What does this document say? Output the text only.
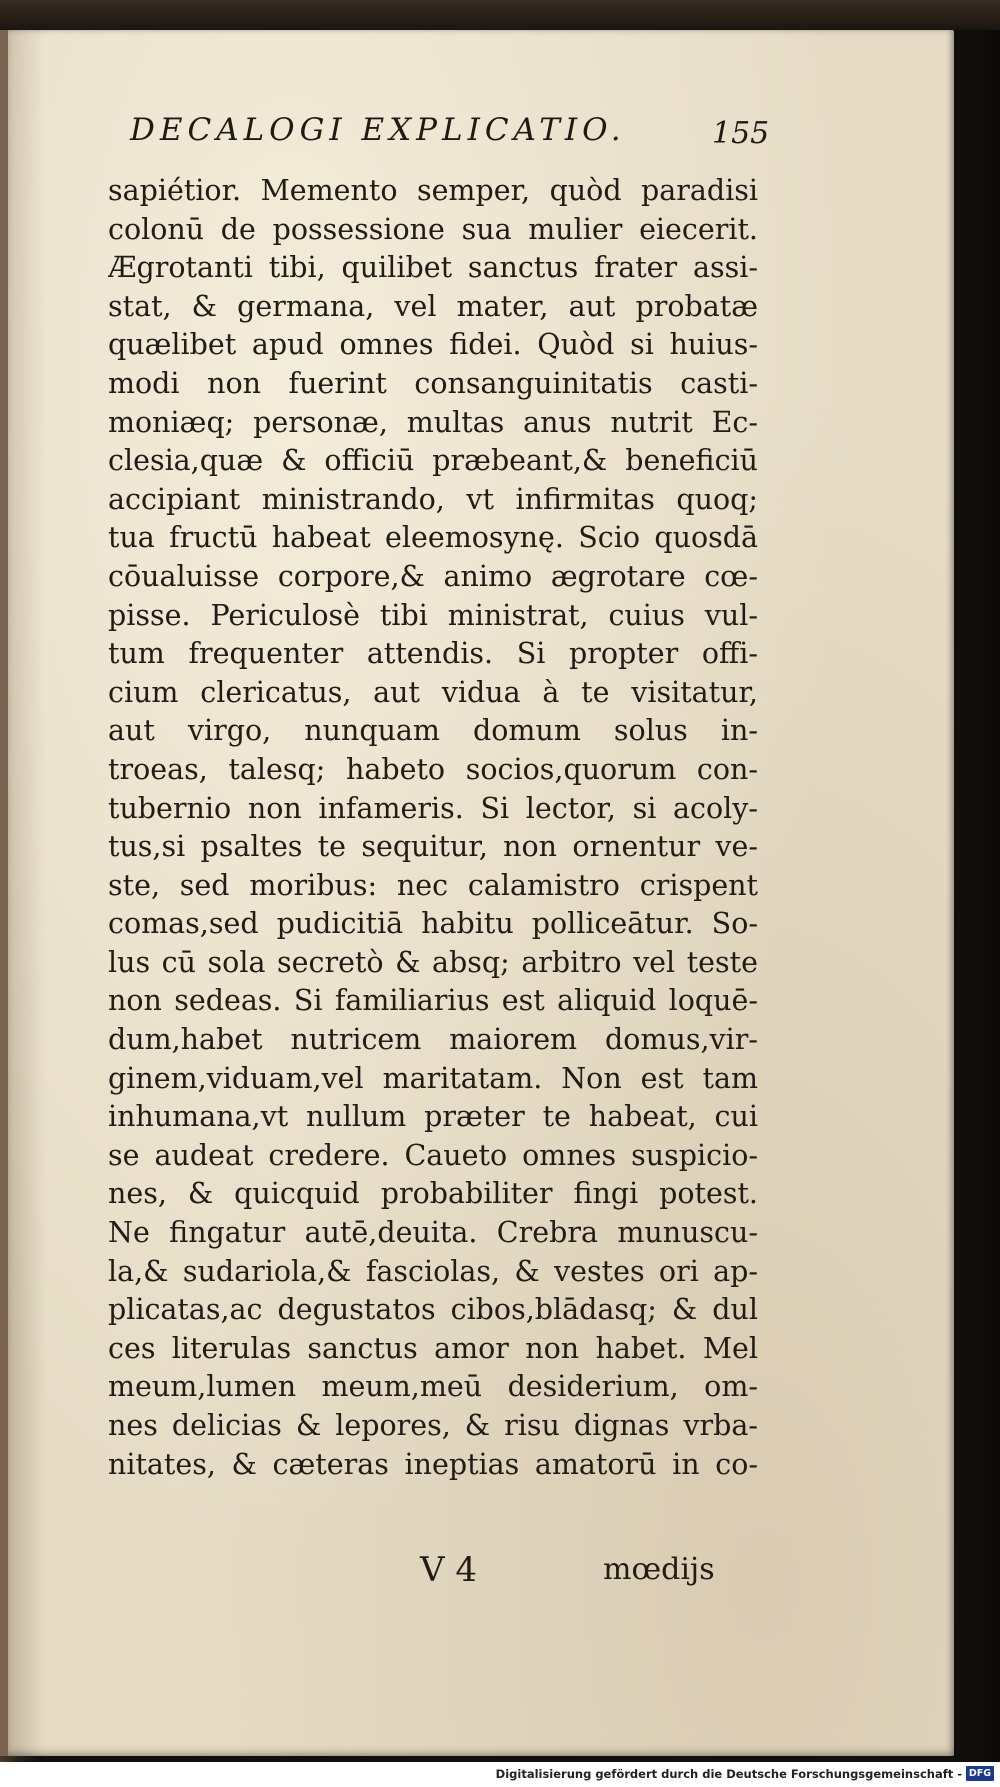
DECALOGI EXPLICATIO.	155
sapiétior. Memento semper, quòd paradisi
colonū de possessione sua mulier eiecerit.
Ægrotanti tibi, quilibet sanctus frater assi-
stat, & germana, vel mater, aut probatæ
quælibet apud omnes fidei. Quòd si huius-
modi non fuerint consanguinitatis casti-
moniæq; personæ, multas anus nutrit Ec-
clesia,quæ & officiū præbeant,& beneficiū
accipiant ministrando, vt infirmitas quoq;
tua fructū habeat eleemosynę. Scio quosdā
cōualuisse corpore,& animo ægrotare cœ-
pisse. Periculosè tibi ministrat, cuius vul-
tum frequenter attendis. Si propter offi-
cium clericatus, aut vidua à te visitatur,
aut virgo, nunquam domum solus in-
troeas, talesq; habeto socios,quorum con-
tubernio non infameris. Si lector, si acoly-
tus,si psaltes te sequitur, non ornentur ve-
ste, sed moribus: nec calamistro crispent
comas,sed pudicitiā habitu polliceātur. So-
lus cū sola secretò & absq; arbitro vel teste
non sedeas. Si familiarius est aliquid loquē-
dum,habet nutricem maiorem domus,vir-
ginem,viduam,vel maritatam. Non est tam
inhumana,vt nullum præter te habeat, cui
se audeat credere. Caueto omnes suspicio-
nes, & quicquid probabiliter fingi potest.
Ne fingatur autē,deuita. Crebra munuscu-
la,& sudariola,& fasciolas, & vestes ori ap-
plicatas,ac degustatos cibos,blādasq; & dul
ces literulas sanctus amor non habet. Mel
meum,lumen meum,meū desiderium, om-
nes delicias & lepores, & risu dignas vrba-
nitates, & cæteras ineptias amatorū in co-
V 4	mœdijs
Digitalisierung gefördert durch die Deutsche Forschungsgemeinschaft - DFG
